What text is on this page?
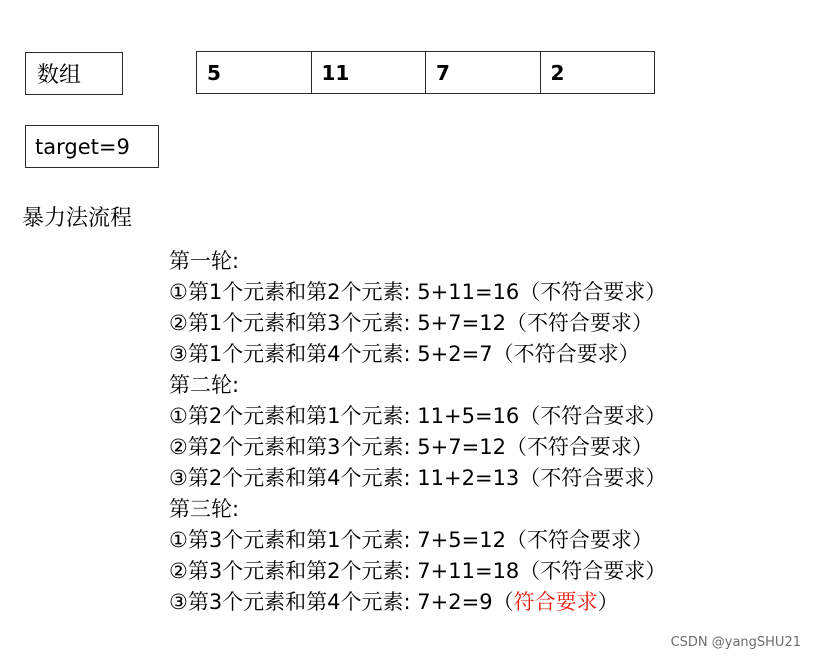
数组	5	11	7	2
target=9
暴力法流程
第一轮:
①第1个元素和第2个元素: 5+11=16（不符合要求）
②第1个元素和第3个元素: 5+7=12（不符合要求）
③第1个元素和第4个元素: 5+2=7（不符合要求）
第二轮:
①第2个元素和第1个元素: 11+5=16（不符合要求）
②第2个元素和第3个元素: 5+7=12（不符合要求）
③第2个元素和第4个元素: 11+2=13（不符合要求）
第三轮:
①第3个元素和第1个元素: 7+5=12（不符合要求）
②第3个元素和第2个元素: 7+11=18（不符合要求）
③第3个元素和第4个元素: 7+2=9（符合要求）
CSDN @yangSHU21
